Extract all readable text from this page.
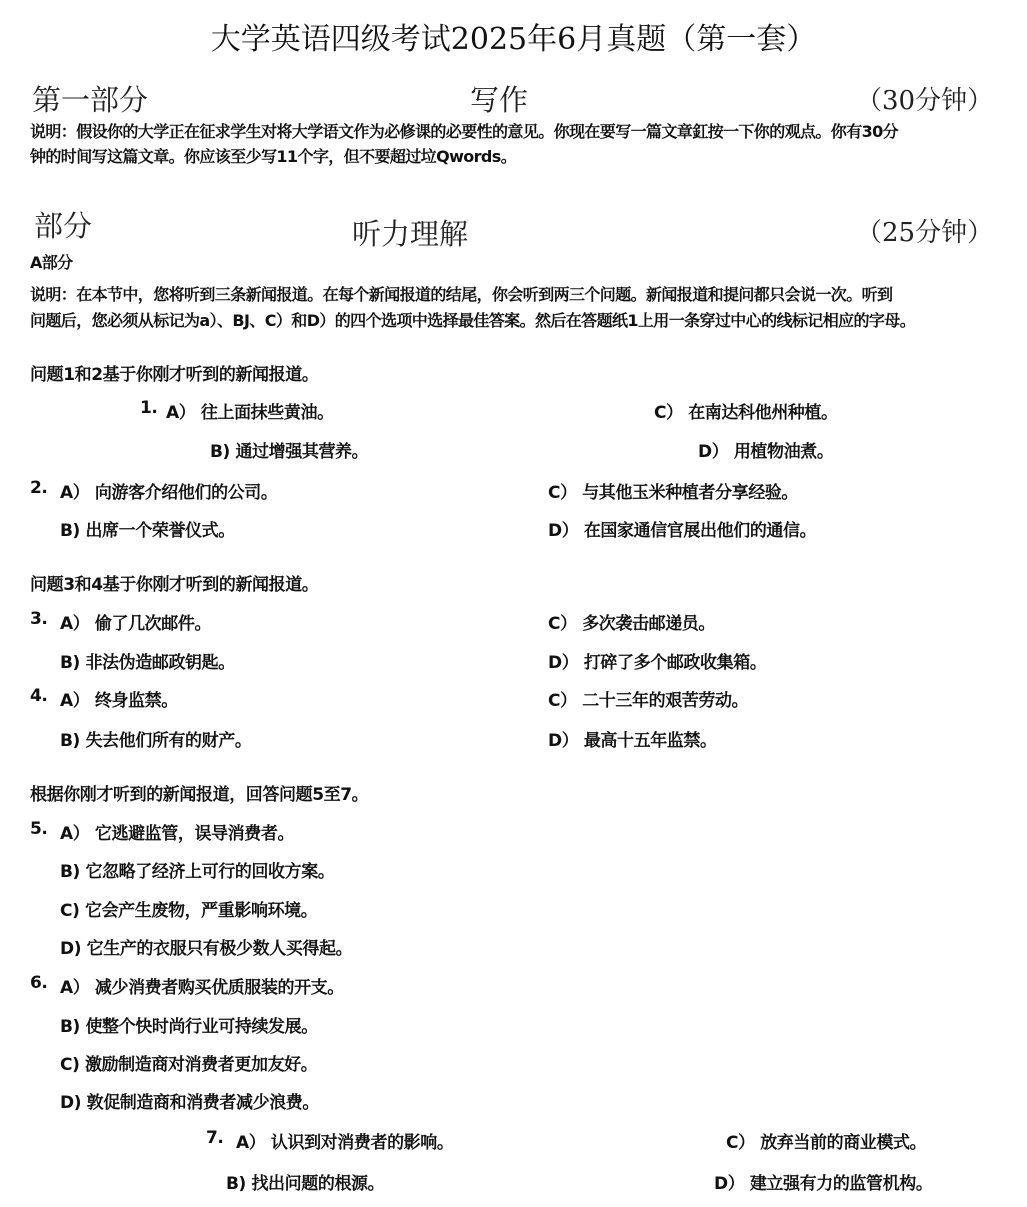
大学英语四级考试2025年6月真题（第一套）
第一部分	写作	（30分钟）
说明：假设你的大学正在征求学生对将大学语文作为必修课的必要性的意见。你现在要写一篇文章釭按一下你的观点。你有30分
钟的时间写这篇文章。你应该至少写11个字，但不要超过垃Qwords。
部分	听力理解	（25分钟）
A部分
说明：在本节中，您将听到三条新闻报道。在每个新闻报道的结尾，你会听到两三个问题。新闻报道和提问都只会说一次。听到
问题后，您必须从标记为a）、BJ、C）和D）的四个选项中选择最佳答案。然后在答题纸1上用一条穿过中心的线标记相应的字母。
问题1和2基于你刚才听到的新闻报道。
1. A） 往上面抹些黄油。	C） 在南达科他州种植。
B) 通过增强其营养。	D） 用植物油煮。
2. A） 向游客介绍他们的公司。	C） 与其他玉米种植者分享经验。
B) 出席一个荣誉仪式。	D） 在国家通信官展出他们的通信。
问题3和4基于你刚才听到的新闻报道。
3. A） 偷了几次邮件。	C） 多次袭击邮递员。
B) 非法伪造邮政钥匙。	D） 打碎了多个邮政收集箱。
4. A） 终身监禁。	C） 二十三年的艰苦劳动。
B) 失去他们所有的财产。	D） 最高十五年监禁。
根据你刚才听到的新闻报道，回答问题5至7。
5. A） 它逃避监管，误导消费者。
B) 它忽略了经济上可行的回收方案。
C) 它会产生废物，严重影响环境。
D) 它生产的衣服只有极少数人买得起。
6. A） 减少消费者购买优质服装的开支。
B) 使整个快时尚行业可持续发展。
C) 激励制造商对消费者更加友好。
D) 敦促制造商和消费者减少浪费。
7. A） 认识到对消费者的影响。	C） 放弃当前的商业模式。
B) 找出问题的根源。	D） 建立强有力的监管机构。
